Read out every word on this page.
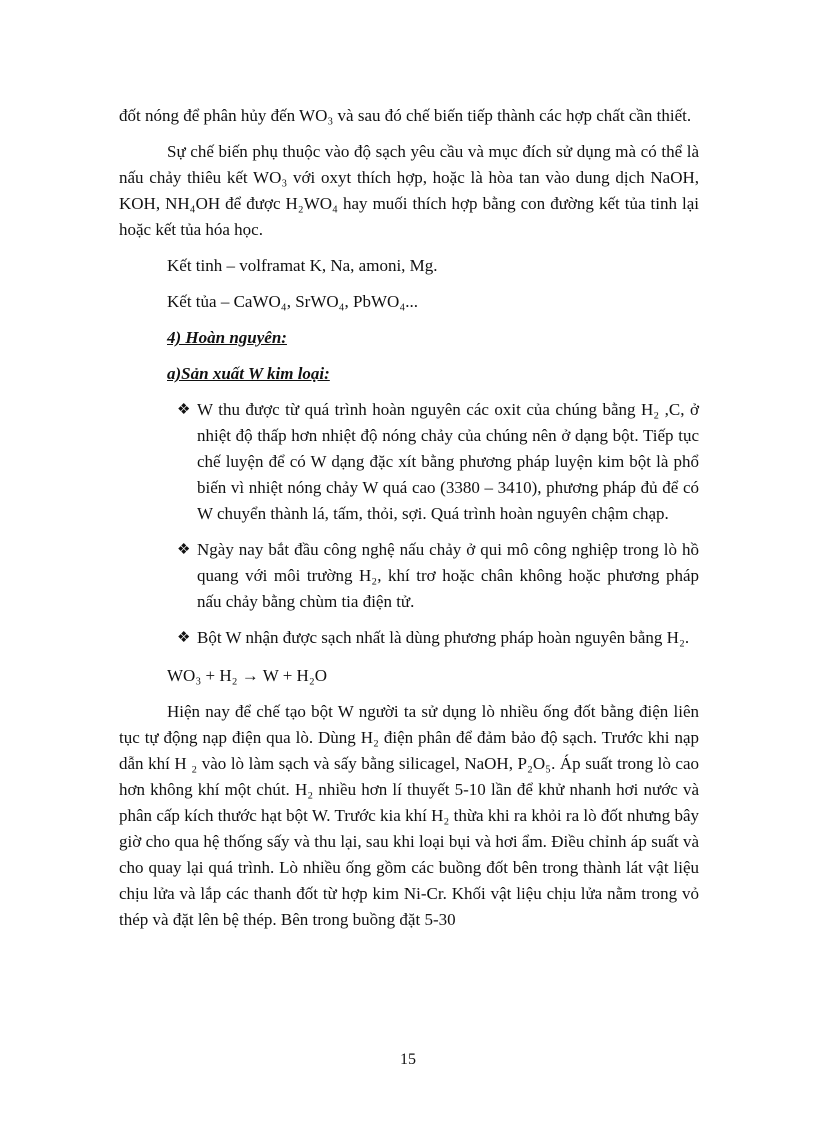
đốt nóng để phân hủy đến WO₃ và sau đó chế biến tiếp thành các hợp chất cần thiết.

Sự chế biến phụ thuộc vào độ sạch yêu cầu và mục đích sử dụng mà có thể là nấu chảy thiêu kết WO₃ với oxyt thích hợp, hoặc là hòa tan vào dung dịch NaOH, KOH, NH₄OH để được H₂WO₄ hay muối thích hợp bằng con đường kết tủa tinh lại hoặc kết tủa hóa học.

Kết tinh – volframat K, Na, amoni, Mg.

Kết tủa – CaWO₄, SrWO₄, PbWO₄...

4) Hoàn nguyên:

a)Sản xuất W kim loại:

❖ W thu được từ quá trình hoàn nguyên các oxit của chúng bằng H₂ ,C, ở nhiệt độ thấp hơn nhiệt độ nóng chảy của chúng nên ở dạng bột. Tiếp tục chế luyện để có W dạng đặc xít bằng phương pháp luyện kim bột là phổ biến vì nhiệt nóng chảy W quá cao (3380 – 3410), phương pháp đủ để có W chuyển thành lá, tấm, thỏi, sợi. Quá trình hoàn nguyên chậm chạp.
❖ Ngày nay bắt đầu công nghệ nấu chảy ở qui mô công nghiệp trong lò hồ quang với môi trường H₂, khí trơ hoặc chân không hoặc phương pháp nấu chảy bằng chùm tia điện tử.
❖ Bột W nhận được sạch nhất là dùng phương pháp hoàn nguyên bằng H₂.

WO₃ + H₂ → W + H₂O

Hiện nay để chế tạo bột W người ta sử dụng lò nhiều ống đốt bằng điện liên tục tự động nạp điện qua lò. Dùng H₂ điện phân để đảm bảo độ sạch. Trước khi nạp dẫn khí H ₂ vào lò làm sạch và sấy bằng silicagel, NaOH, P₂O₅. Áp suất trong lò cao hơn không khí một chút. H₂ nhiều hơn lí thuyết 5-10 lần để khử nhanh hơi nước và phân cấp kích thước hạt bột W. Trước kia khí H₂ thừa khi ra khỏi ra lò đốt nhưng bây giờ cho qua hệ thống sấy và thu lại, sau khi loại bụi và hơi ẩm. Điều chỉnh áp suất và cho quay lại quá trình. Lò nhiều ống gồm các buồng đốt bên trong thành lát vật liệu chịu lửa và lắp các thanh đốt từ hợp kim Ni-Cr. Khối vật liệu chịu lửa nằm trong vỏ thép và đặt lên bệ thép. Bên trong buồng đặt 5-30

15
